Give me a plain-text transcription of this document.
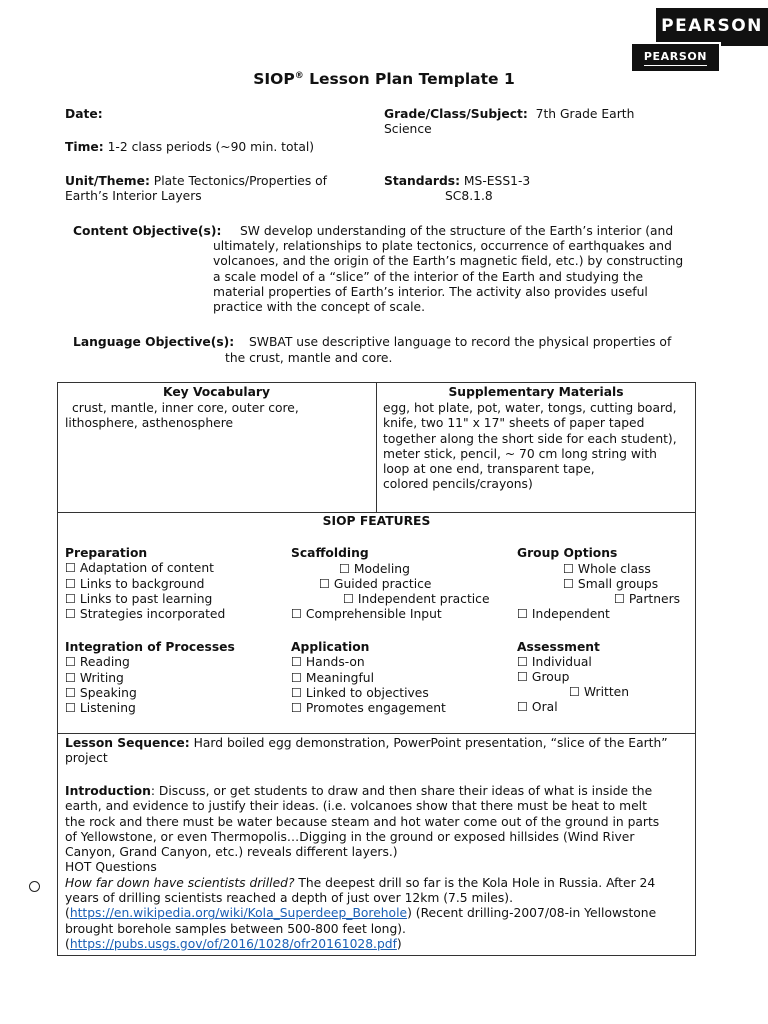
PEARSON
PEARSON
SIOP® Lesson Plan Template 1
Date:	Grade/Class/Subject: 7th Grade Earth
Science
Time: 1-2 class periods (~90 min. total)
Unit/Theme: Plate Tectonics/Properties of
Earth’s Interior Layers
Standards: MS-ESS1-3
SC8.1.8
Content Objective(s): SW develop understanding of the structure of the Earth’s interior (and
ultimately, relationships to plate tectonics, occurrence of earthquakes and
volcanoes, and the origin of the Earth’s magnetic field, etc.) by constructing
a scale model of a “slice” of the interior of the Earth and studying the
material properties of Earth’s interior. The activity also provides useful
practice with the concept of scale.
Language Objective(s): SWBAT use descriptive language to record the physical properties of
the crust, mantle and core.
Key Vocabulary
crust, mantle, inner core, outer core,
lithosphere, asthenosphere
Supplementary Materials
egg, hot plate, pot, water, tongs, cutting board,
knife, two 11" x 17" sheets of paper taped
together along the short side for each student),
meter stick, pencil, ~ 70 cm long string with
loop at one end, transparent tape,
colored pencils/crayons)
SIOP FEATURES
Preparation
☐ Adaptation of content
☐ Links to background
☐ Links to past learning
☐ Strategies incorporated
Scaffolding
☐ Modeling
☐ Guided practice
☐ Independent practice
☐ Comprehensible Input
Group Options
☐ Whole class
☐ Small groups
☐ Partners
☐ Independent
Integration of Processes
☐ Reading
☐ Writing
☐ Speaking
☐ Listening
Application
☐ Hands-on
☐ Meaningful
☐ Linked to objectives
☐ Promotes engagement
Assessment
☐ Individual
☐ Group
☐ Written
☐ Oral
Lesson Sequence: Hard boiled egg demonstration, PowerPoint presentation, “slice of the Earth”
project
Introduction: Discuss, or get students to draw and then share their ideas of what is inside the
earth, and evidence to justify their ideas. (i.e. volcanoes show that there must be heat to melt
the rock and there must be water because steam and hot water come out of the ground in parts
of Yellowstone, or even Thermopolis…Digging in the ground or exposed hillsides (Wind River
Canyon, Grand Canyon, etc.) reveals different layers.)
HOT Questions
How far down have scientists drilled? The deepest drill so far is the Kola Hole in Russia. After 24
years of drilling scientists reached a depth of just over 12km (7.5 miles).
(https://en.wikipedia.org/wiki/Kola_Superdeep_Borehole) (Recent drilling-2007/08-in Yellowstone
brought borehole samples between 500-800 feet long).
(https://pubs.usgs.gov/of/2016/1028/ofr20161028.pdf)
